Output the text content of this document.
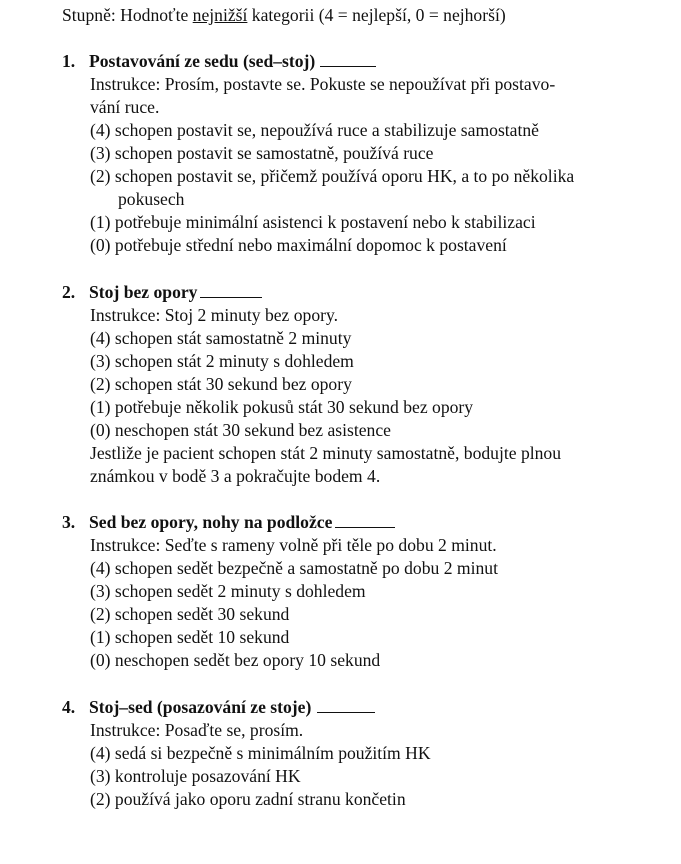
Stupně: Hodnoťte nejnižší kategorii (4 = nejlepší, 0 = nejhorší)
1. Postavování ze sedu (sed–stoj)
Instrukce: Prosím, postavte se. Pokuste se nepoužívat při postavo-
vání ruce.
(4) schopen postavit se, nepoužívá ruce a stabilizuje samostatně
(3) schopen postavit se samostatně, používá ruce
(2) schopen postavit se, přičemž používá oporu HK, a to po několika
pokusech
(1) potřebuje minimální asistenci k postavení nebo k stabilizaci
(0) potřebuje střední nebo maximální dopomoc k postavení
2. Stoj bez opory
Instrukce: Stoj 2 minuty bez opory.
(4) schopen stát samostatně 2 minuty
(3) schopen stát 2 minuty s dohledem
(2) schopen stát 30 sekund bez opory
(1) potřebuje několik pokusů stát 30 sekund bez opory
(0) neschopen stát 30 sekund bez asistence
Jestliže je pacient schopen stát 2 minuty samostatně, bodujte plnou
známkou v bodě 3 a pokračujte bodem 4.
3. Sed bez opory, nohy na podložce
Instrukce: Seďte s rameny volně při těle po dobu 2 minut.
(4) schopen sedět bezpečně a samostatně po dobu 2 minut
(3) schopen sedět 2 minuty s dohledem
(2) schopen sedět 30 sekund
(1) schopen sedět 10 sekund
(0) neschopen sedět bez opory 10 sekund
4. Stoj–sed (posazování ze stoje)
Instrukce: Posaďte se, prosím.
(4) sedá si bezpečně s minimálním použitím HK
(3) kontroluje posazování HK
(2) používá jako oporu zadní stranu končetin
